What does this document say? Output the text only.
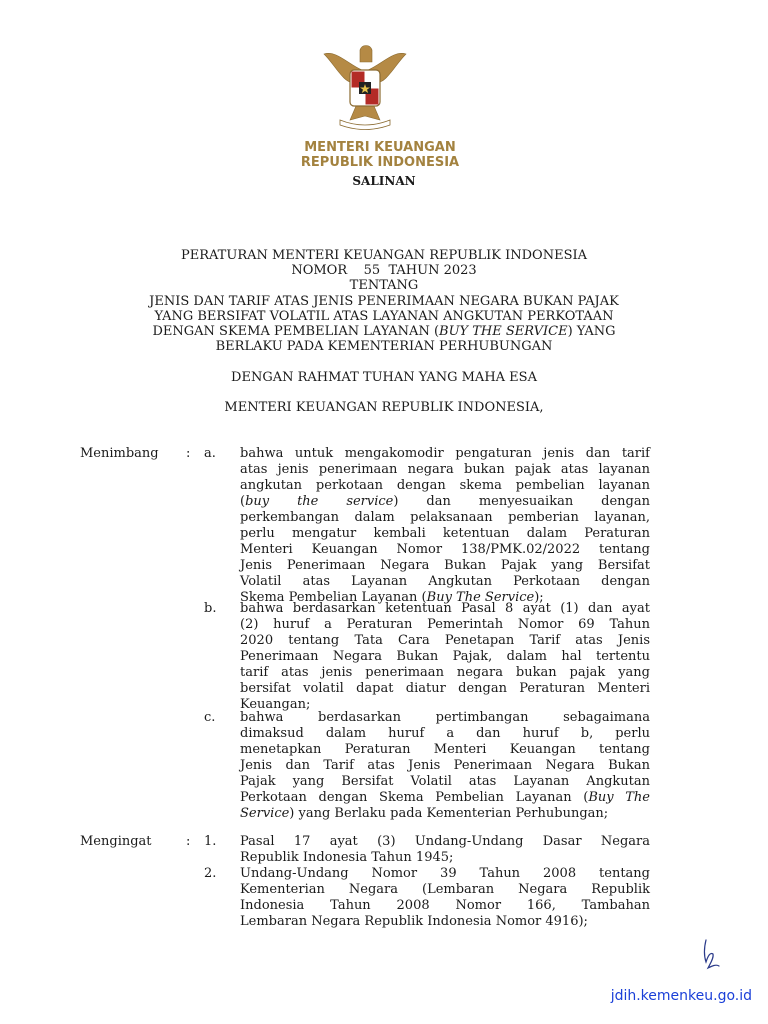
MENTERI KEUANGAN
REPUBLIK INDONESIA
SALINAN
PERATURAN MENTERI KEUANGAN REPUBLIK INDONESIA
NOMOR    55  TAHUN 2023
TENTANG
JENIS DAN TARIF ATAS JENIS PENERIMAAN NEGARA BUKAN PAJAK
YANG BERSIFAT VOLATIL ATAS LAYANAN ANGKUTAN PERKOTAAN
DENGAN SKEMA PEMBELIAN LAYANAN (BUY THE SERVICE) YANG
BERLAKU PADA KEMENTERIAN PERHUBUNGAN
DENGAN RAHMAT TUHAN YANG MAHA ESA
MENTERI KEUANGAN REPUBLIK INDONESIA,
Menimbang : a. bahwa untuk mengakomodir pengaturan jenis dan tarif
atas jenis penerimaan negara bukan pajak atas layanan
angkutan perkotaan dengan skema pembelian layanan
(buy the service) dan menyesuaikan dengan
perkembangan dalam pelaksanaan pemberian layanan,
perlu mengatur kembali ketentuan dalam Peraturan
Menteri Keuangan Nomor 138/PMK.02/2022 tentang
Jenis Penerimaan Negara Bukan Pajak yang Bersifat
Volatil atas Layanan Angkutan Perkotaan dengan
Skema Pembelian Layanan (Buy The Service);
b. bahwa berdasarkan ketentuan Pasal 8 ayat (1) dan ayat
(2) huruf a Peraturan Pemerintah Nomor 69 Tahun
2020 tentang Tata Cara Penetapan Tarif atas Jenis
Penerimaan Negara Bukan Pajak, dalam hal tertentu
tarif atas jenis penerimaan negara bukan pajak yang
bersifat volatil dapat diatur dengan Peraturan Menteri
Keuangan;
c. bahwa berdasarkan pertimbangan sebagaimana
dimaksud dalam huruf a dan huruf b, perlu
menetapkan Peraturan Menteri Keuangan tentang
Jenis dan Tarif atas Jenis Penerimaan Negara Bukan
Pajak yang Bersifat Volatil atas Layanan Angkutan
Perkotaan dengan Skema Pembelian Layanan (Buy The
Service) yang Berlaku pada Kementerian Perhubungan;
Mengingat	: 1. Pasal 17 ayat (3) Undang-Undang Dasar Negara
Republik Indonesia Tahun 1945;
2. Undang-Undang Nomor 39 Tahun 2008 tentang
Kementerian Negara (Lembaran Negara Republik
Indonesia Tahun 2008 Nomor 166, Tambahan
Lembaran Negara Republik Indonesia Nomor 4916);
jdih.kemenkeu.go.id
